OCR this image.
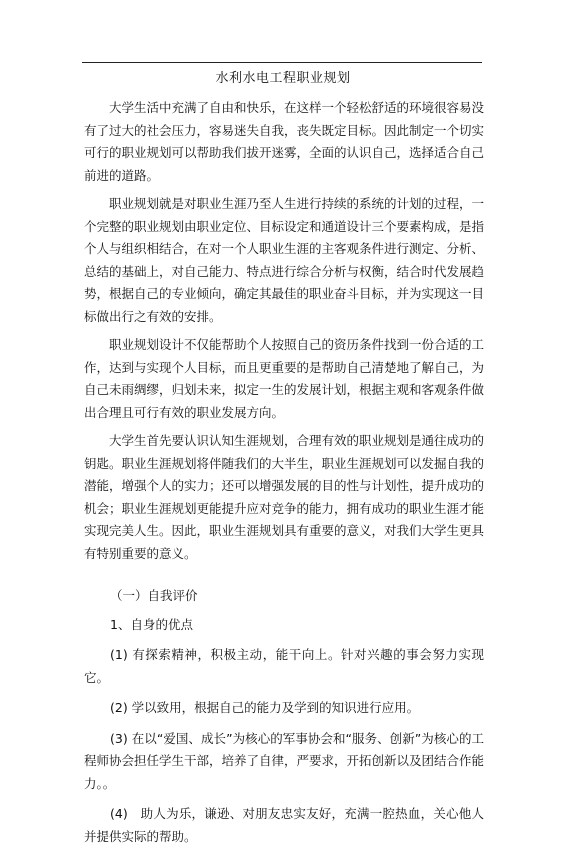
水利水电工程职业规划

大学生活中充满了自由和快乐，在这样一个轻松舒适的环境很容易没有了过大的社会压力，容易迷失自我，丧失既定目标。因此制定一个切实可行的职业规划可以帮助我们拔开迷雾，全面的认识自己，选择适合自己前进的道路。

职业规划就是对职业生涯乃至人生进行持续的系统的计划的过程，一个完整的职业规划由职业定位、目标设定和通道设计三个要素构成，是指个人与组织相结合，在对一个人职业生涯的主客观条件进行测定、分析、总结的基础上，对自己能力、特点进行综合分析与权衡，结合时代发展趋势，根据自己的专业倾向，确定其最佳的职业奋斗目标，并为实现这一目标做出行之有效的安排。

职业规划设计不仅能帮助个人按照自己的资历条件找到一份合适的工作，达到与实现个人目标，而且更重要的是帮助自己清楚地了解自己，为自己未雨绸缪，归划未来，拟定一生的发展计划，根据主观和客观条件做出合理且可行有效的职业发展方向。

大学生首先要认识认知生涯规划，合理有效的职业规划是通往成功的钥匙。职业生涯规划将伴随我们的大半生，职业生涯规划可以发掘自我的潜能，增强个人的实力；还可以增强发展的目的性与计划性，提升成功的机会；职业生涯规划更能提升应对竞争的能力，拥有成功的职业生涯才能实现完美人生。因此，职业生涯规划具有重要的意义，对我们大学生更具有特别重要的意义。

（一）自我评价

1、自身的优点

(1) 有探索精神，积极主动，能干向上。针对兴趣的事会努力实现它。

(2) 学以致用，根据自己的能力及学到的知识进行应用。

(3) 在以“爱国、成长”为核心的军事协会和“服务、创新”为核心的工程师协会担任学生干部，培养了自律，严要求，开拓创新以及团结合作能力。。

(4)　助人为乐，谦逊、对朋友忠实友好，充满一腔热血，关心他人并提供实际的帮助。
